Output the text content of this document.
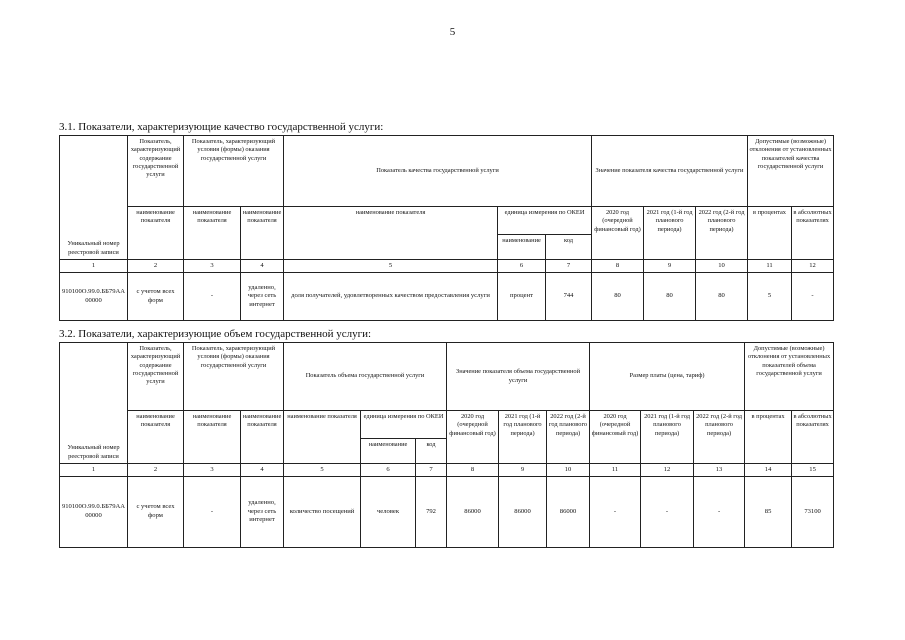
5
3.1. Показатели, характеризующие качество государственной услуги:
Уникальный номер реестровой записи	Показатель, характеризующий содержание государственной услуги	Показатель, характеризующий условия (формы) оказания государственной услуги		Показатель качества государственной услуги			Значение показателя качества государственной услуги			Допустимые (возможные) отклонения от установленных показателей качества государственной услуги	
	наименование показателя	наименование показателя	наименование показателя	наименование показателя	единица измерения по ОКЕИ		2020 год (очередной финансовый год)	2021 год (1-й год планового периода)	2022 год (2-й год планового периода)	в процентах	в абсолютных показателях
					наименование	код					
1	2	3	4	5	6	7	8	9	10	11	12
910100О.99.0.ББ79АА00000	с учетом всех форм	-	удаленно, через сеть интернет	доля получателей, удовлетворенных качеством предоставления услуги	процент	744	80	80	80	5	-
3.2. Показатели, характеризующие объем государственной услуги:
Уникальный номер реестровой записи	Показатель, характеризующий содержание государственной услуги	Показатель, характеризующий условия (формы) оказания государственной услуги		Показатель объема государственной услуги			Значение показателя объема государственной услуги			Размер платы (цена, тариф)			Допустимые (возможные) отклонения от установленных показателей объема государственной услуги	
	наименование показателя	наименование показателя	наименование показателя	наименование показателя	единица измерения по ОКЕИ		2020 год (очередной финансовый год)	2021 год (1-й год планового периода)	2022 год (2-й год планового периода)	2020 год (очередной финансовый год)	2021 год (1-й год планового периода)	2022 год (2-й год планового периода)	в процентах	в абсолютных показателях
					наименование	код								
1	2	3	4	5	6	7	8	9	10	11	12	13	14	15
910100О.99.0.ББ79АА00000	с учетом всех форм	-	удаленно, через сеть интернет	количество посещений	человек	792	86000	86000	86000	-	-	-	85	73100
